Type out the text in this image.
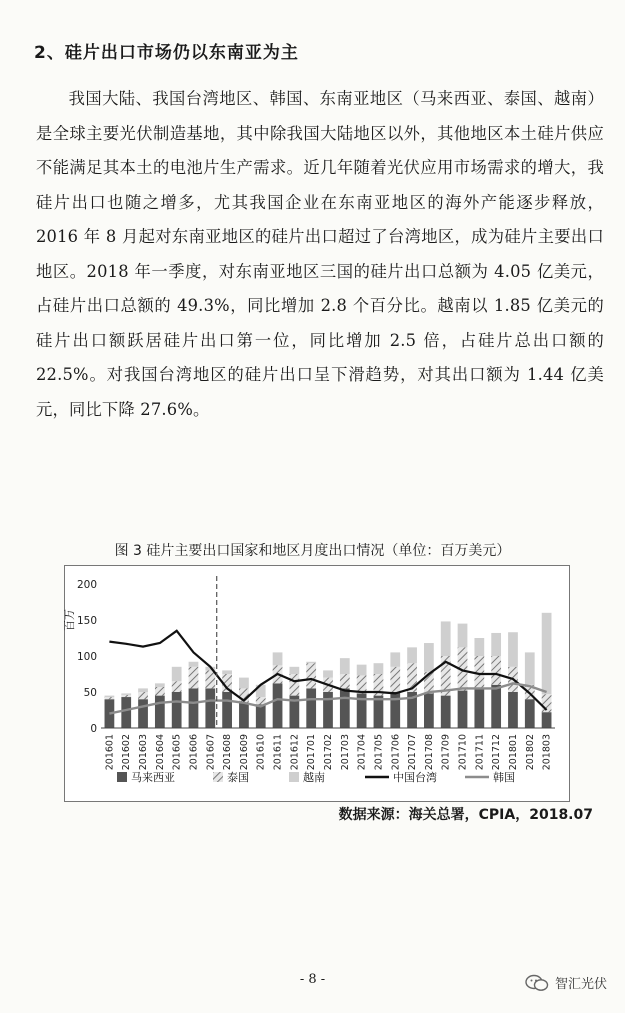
2、硅片出口市场仍以东南亚为主

我国大陆、我国台湾地区、韩国、东南亚地区（马来西亚、泰国、越南）是全球主要光伏制造基地，其中除我国大陆地区以外，其他地区本土硅片供应不能满足其本土的电池片生产需求。近几年随着光伏应用市场需求的增大，我硅片出口也随之增多，尤其我国企业在东南亚地区的海外产能逐步释放，2016 年 8 月起对东南亚地区的硅片出口超过了台湾地区，成为硅片主要出口地区。2018 年一季度，对东南亚地区三国的硅片出口总额为 4.05 亿美元，占硅片出口总额的 49.3%，同比增加 2.8 个百分比。越南以 1.85 亿美元的硅片出口额跃居硅片出口第一位，同比增加 2.5 倍，占硅片总出口额的 22.5%。对我国台湾地区的硅片出口呈下滑趋势，对其出口额为 1.44 亿美元，同比下降 27.6%。

图 3 硅片主要出口国家和地区月度出口情况（单位：百万美元）
0
50
100
150
200
百万
201601 201602 201603 201604 201605 201606 201607 201608 201609 201610 201611 201612 201701 201702 201703 201704 201705 201706 201707 201708 201709 201710 201711 201712 201801 201802 201803
马来西亚	泰国	越南	中国台湾	韩国
数据来源：海关总署，CPIA，2018.07
- 8 -	智汇光伏
